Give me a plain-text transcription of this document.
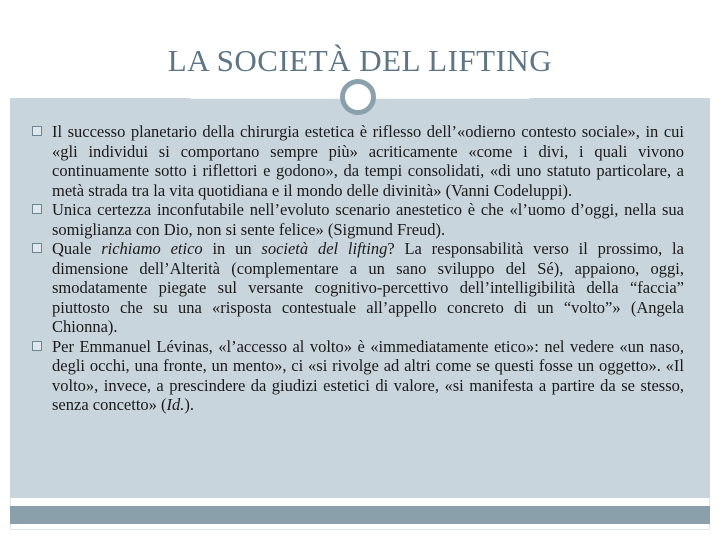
LA SOCIETÀ DEL LIFTING
Il successo planetario della chirurgia estetica è riflesso dell’«odierno contesto sociale», in cui «gli individui si comportano sempre più» acriticamente «come i divi, i quali vivono continuamente sotto i riflettori e godono», da tempi consolidati, «di uno statuto particolare, a metà strada tra la vita quotidiana e il mondo delle divinità» (Vanni Codeluppi).
Unica certezza inconfutabile nell’evoluto scenario anestetico è che «l’uomo d’oggi, nella sua somiglianza con Dio, non si sente felice» (Sigmund Freud).
Quale richiamo etico in un società del lifting? La responsabilità verso il prossimo, la dimensione dell’Alterità (complementare a un sano sviluppo del Sé), appaiono, oggi, smodatamente piegate sul versante cognitivo-percettivo dell’intelligibilità della “faccia” piuttosto che su una «risposta contestuale all’appello concreto di un “volto”» (Angela Chionna).
Per Emmanuel Lévinas, «l’accesso al volto» è «immediatamente etico»: nel vedere «un naso, degli occhi, una fronte, un mento», ci «si rivolge ad altri come se questi fosse un oggetto». «Il volto», invece, a prescindere da giudizi estetici di valore, «si manifesta a partire da se stesso, senza concetto» (Id.).
